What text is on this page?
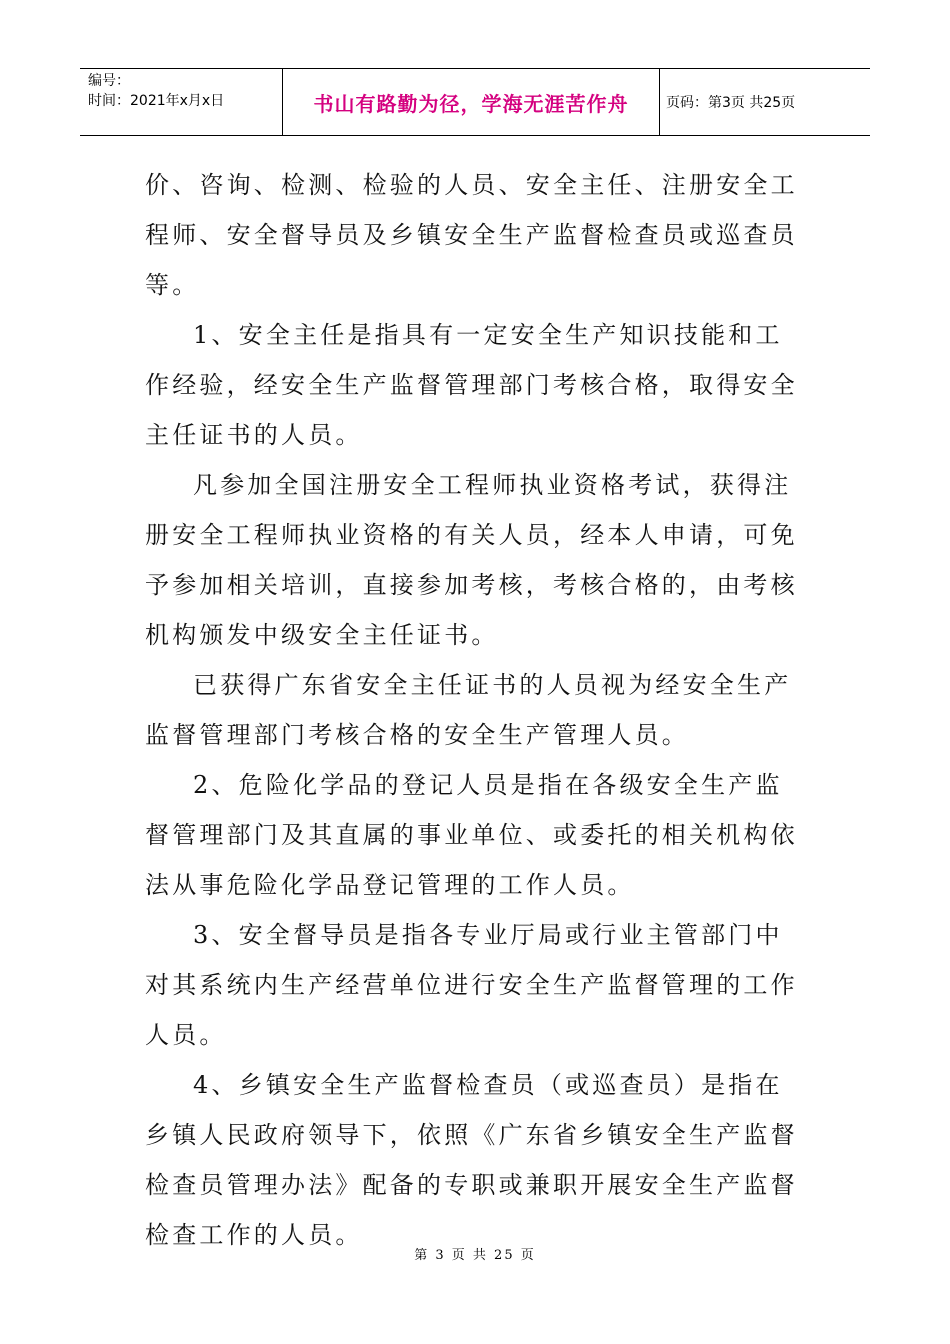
编号：
时间：2021年x月x日	书山有路勤为径，学海无涯苦作舟	页码：第3页 共25页

价、咨询、检测、检验的人员、安全主任、注册安全工程师、安全督导员及乡镇安全生产监督检查员或巡查员等。

1、安全主任是指具有一定安全生产知识技能和工作经验，经安全生产监督管理部门考核合格，取得安全主任证书的人员。

凡参加全国注册安全工程师执业资格考试，获得注册安全工程师执业资格的有关人员，经本人申请，可免予参加相关培训，直接参加考核，考核合格的，由考核机构颁发中级安全主任证书。

已获得广东省安全主任证书的人员视为经安全生产监督管理部门考核合格的安全生产管理人员。

2、危险化学品的登记人员是指在各级安全生产监督管理部门及其直属的事业单位、或委托的相关机构依法从事危险化学品登记管理的工作人员。

3、安全督导员是指各专业厅局或行业主管部门中对其系统内生产经营单位进行安全生产监督管理的工作人员。

4、乡镇安全生产监督检查员（或巡查员）是指在乡镇人民政府领导下，依照《广东省乡镇安全生产监督检查员管理办法》配备的专职或兼职开展安全生产监督检查工作的人员。

第 3 页 共 25 页
